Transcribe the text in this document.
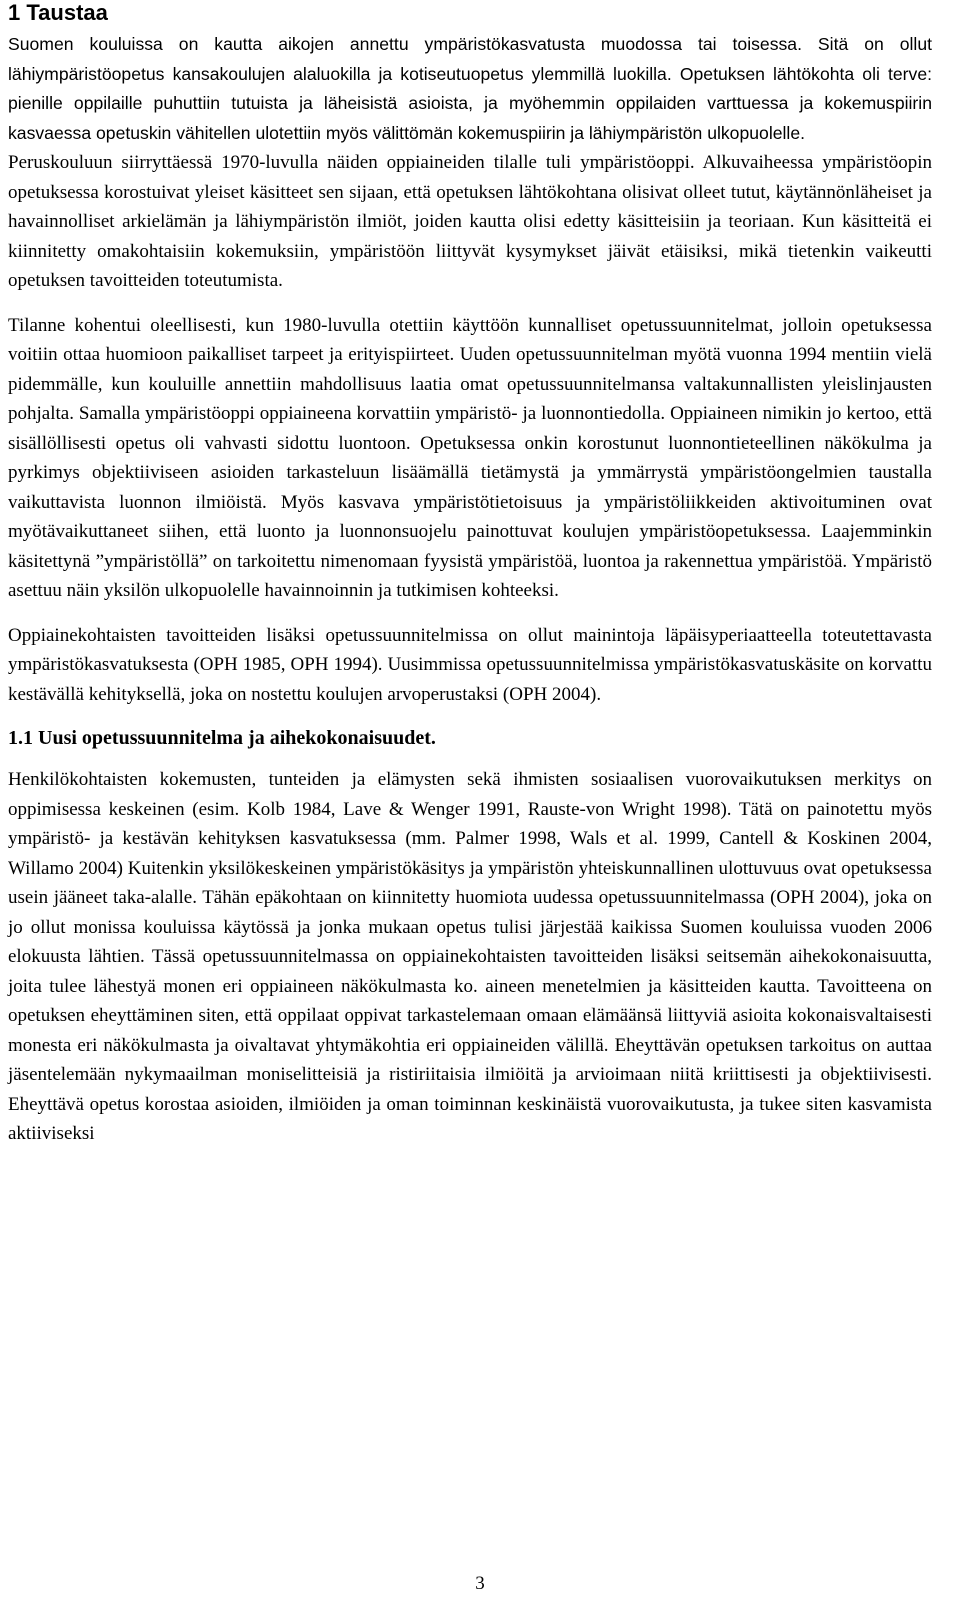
1 Taustaa

Suomen kouluissa on kautta aikojen annettu ympäristökasvatusta muodossa tai toisessa. Sitä on ollut lähiympäristöopetus kansakoulujen alaluokilla ja kotiseutuopetus ylemmillä luokilla. Opetuksen lähtökohta oli terve: pienille oppilaille puhuttiin tutuista ja läheisistä asioista, ja myöhemmin oppilaiden varttuessa ja kokemuspiirin kasvaessa opetuskin vähitellen ulotettiin myös välittömän kokemuspiirin ja lähiympäristön ulkopuolelle.

Peruskouluun siirryttäessä 1970-luvulla näiden oppiaineiden tilalle tuli ympäristöoppi. Alkuvaiheessa ympäristöopin opetuksessa korostuivat yleiset käsitteet sen sijaan, että opetuksen lähtökohtana olisivat olleet tutut, käytännönläheiset ja havainnolliset arkielämän ja lähiympäristön ilmiöt, joiden kautta olisi edetty käsitteisiin ja teoriaan. Kun käsitteitä ei kiinnitetty omakohtaisiin kokemuksiin, ympäristöön liittyvät kysymykset jäivät etäisiksi, mikä tietenkin vaikeutti opetuksen tavoitteiden toteutumista.

Tilanne kohentui oleellisesti, kun 1980-luvulla otettiin käyttöön kunnalliset opetussuunnitelmat, jolloin opetuksessa voitiin ottaa huomioon paikalliset tarpeet ja erityispiirteet. Uuden opetussuunnitelman myötä vuonna 1994 mentiin vielä pidemmälle, kun kouluille annettiin mahdollisuus laatia omat opetussuunnitelmansa valtakunnallisten yleislinjausten pohjalta. Samalla ympäristöoppi oppiaineena korvattiin ympäristö- ja luonnontiedolla. Oppiaineen nimikin jo kertoo, että sisällöllisesti opetus oli vahvasti sidottu luontoon. Opetuksessa onkin korostunut luonnontieteellinen näkökulma ja pyrkimys objektiiviseen asioiden tarkasteluun lisäämällä tietämystä ja ymmärrystä ympäristöongelmien taustalla vaikuttavista luonnon ilmiöistä. Myös kasvava ympäristötietoisuus ja ympäristöliikkeiden aktivoituminen ovat myötävaikuttaneet siihen, että luonto ja luonnonsuojelu painottuvat koulujen ympäristöopetuksessa. Laajemminkin käsitettynä ”ympäristöllä” on tarkoitettu nimenomaan fyysistä ympäristöä, luontoa ja rakennettua ympäristöä. Ympäristö asettuu näin yksilön ulkopuolelle havainnoinnin ja tutkimisen kohteeksi.

Oppiainekohtaisten tavoitteiden lisäksi opetussuunnitelmissa on ollut mainintoja läpäisyperiaatteella toteutettavasta ympäristökasvatuksesta (OPH 1985, OPH 1994). Uusimmissa opetussuunnitelmissa ympäristökasvatuskäsite on korvattu kestävällä kehityksellä, joka on nostettu koulujen arvoperustaksi (OPH 2004).

1.1 Uusi opetussuunnitelma ja aihekokonaisuudet.

Henkilökohtaisten kokemusten, tunteiden ja elämysten sekä ihmisten sosiaalisen vuorovaikutuksen merkitys on oppimisessa keskeinen (esim. Kolb 1984, Lave & Wenger 1991, Rauste-von Wright 1998). Tätä on painotettu myös ympäristö- ja kestävän kehityksen kasvatuksessa (mm. Palmer 1998, Wals et al. 1999, Cantell & Koskinen 2004, Willamo 2004) Kuitenkin yksilökeskeinen ympäristökäsitys ja ympäristön yhteiskunnallinen ulottuvuus ovat opetuksessa usein jääneet taka-alalle. Tähän epäkohtaan on kiinnitetty huomiota uudessa opetussuunnitelmassa (OPH 2004), joka on jo ollut monissa kouluissa käytössä ja jonka mukaan opetus tulisi järjestää kaikissa Suomen kouluissa vuoden 2006 elokuusta lähtien. Tässä opetussuunnitelmassa on oppiainekohtaisten tavoitteiden lisäksi seitsemän aihekokonaisuutta, joita tulee lähestyä monen eri oppiaineen näkökulmasta ko. aineen menetelmien ja käsitteiden kautta. Tavoitteena on opetuksen eheyttäminen siten, että oppilaat oppivat tarkastelemaan omaan elämäänsä liittyviä asioita kokonaisvaltaisesti monesta eri näkökulmasta ja oivaltavat yhtymäkohtia eri oppiaineiden välillä. Eheyttävän opetuksen tarkoitus on auttaa jäsentelemään nykymaailman moniselitteisiä ja ristiriitaisia ilmiöitä ja arvioimaan niitä kriittisesti ja objektiivisesti. Eheyttävä opetus korostaa asioiden, ilmiöiden ja oman toiminnan keskinäistä vuorovaikutusta, ja tukee siten kasvamista aktiiviseksi

3
